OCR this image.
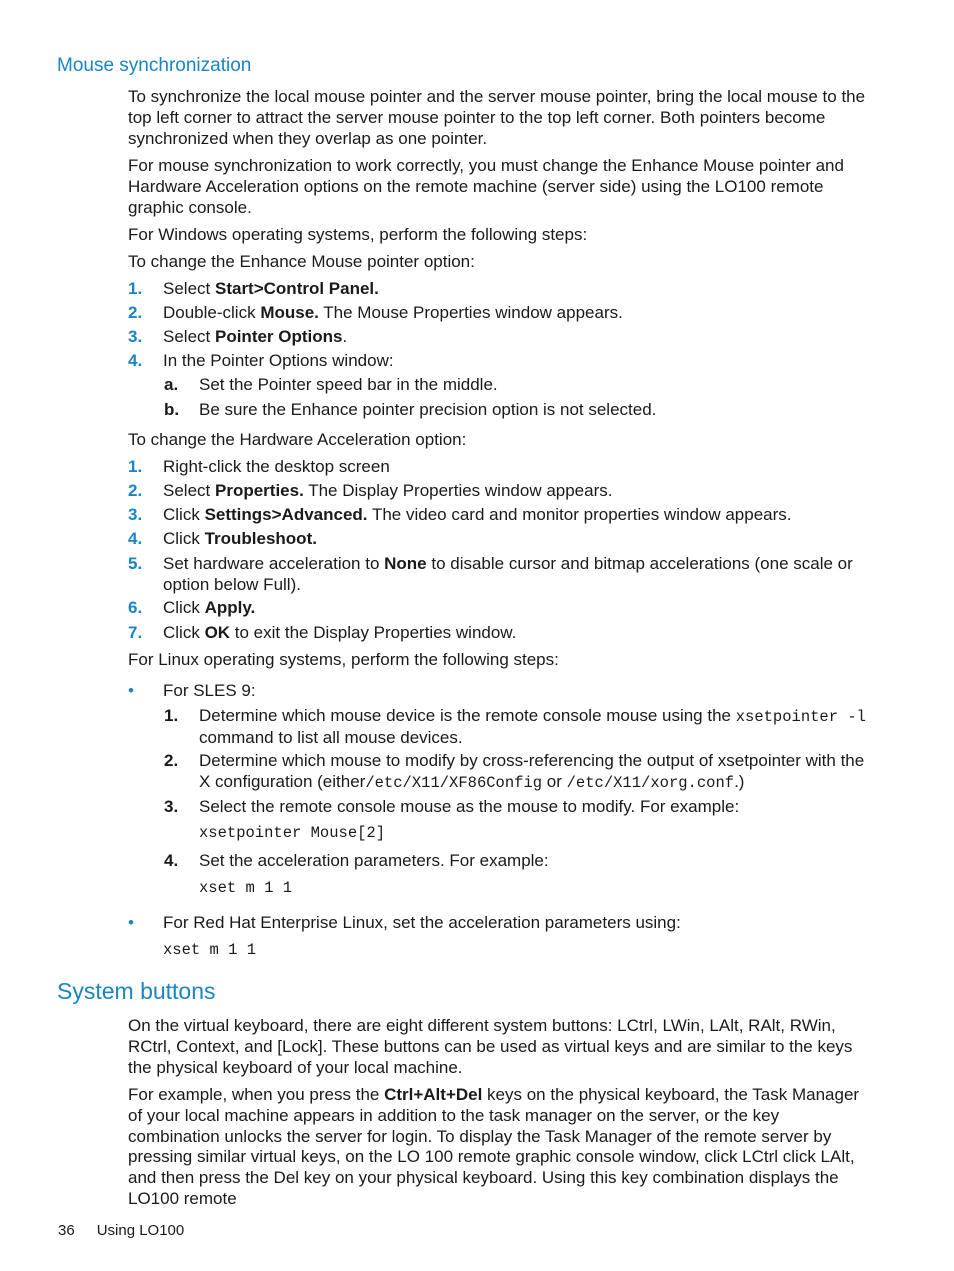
Mouse synchronization

To synchronize the local mouse pointer and the server mouse pointer, bring the local mouse to the top left corner to attract the server mouse pointer to the top left corner. Both pointers become synchronized when they overlap as one pointer.

For mouse synchronization to work correctly, you must change the Enhance Mouse pointer and Hardware Acceleration options on the remote machine (server side) using the LO100 remote graphic console.

For Windows operating systems, perform the following steps:

To change the Enhance Mouse pointer option:

1. Select Start>Control Panel.
2. Double-click Mouse. The Mouse Properties window appears.
3. Select Pointer Options.
4. In the Pointer Options window:
a. Set the Pointer speed bar in the middle.
b. Be sure the Enhance pointer precision option is not selected.

To change the Hardware Acceleration option:

1. Right-click the desktop screen
2. Select Properties. The Display Properties window appears.
3. Click Settings>Advanced. The video card and monitor properties window appears.
4. Click Troubleshoot.
5. Set hardware acceleration to None to disable cursor and bitmap accelerations (one scale or option below Full).
6. Click Apply.
7. Click OK to exit the Display Properties window.

For Linux operating systems, perform the following steps:

• For SLES 9:
1. Determine which mouse device is the remote console mouse using the xsetpointer -l command to list all mouse devices.
2. Determine which mouse to modify by cross-referencing the output of xsetpointer with the X configuration (either/etc/X11/XF86Config or /etc/X11/xorg.conf.)
3. Select the remote console mouse as the mouse to modify. For example:
xsetpointer Mouse[2]
4. Set the acceleration parameters. For example:
xset m 1 1
• For Red Hat Enterprise Linux, set the acceleration parameters using:
xset m 1 1
System buttons

On the virtual keyboard, there are eight different system buttons: LCtrl, LWin, LAlt, RAlt, RWin, RCtrl, Context, and [Lock]. These buttons can be used as virtual keys and are similar to the keys the physical keyboard of your local machine.

For example, when you press the Ctrl+Alt+Del keys on the physical keyboard, the Task Manager of your local machine appears in addition to the task manager on the server, or the key combination unlocks the server for login. To display the Task Manager of the remote server by pressing similar virtual keys, on the LO 100 remote graphic console window, click LCtrl click LAlt, and then press the Del key on your physical keyboard. Using this key combination displays the LO100 remote

36 Using LO100
